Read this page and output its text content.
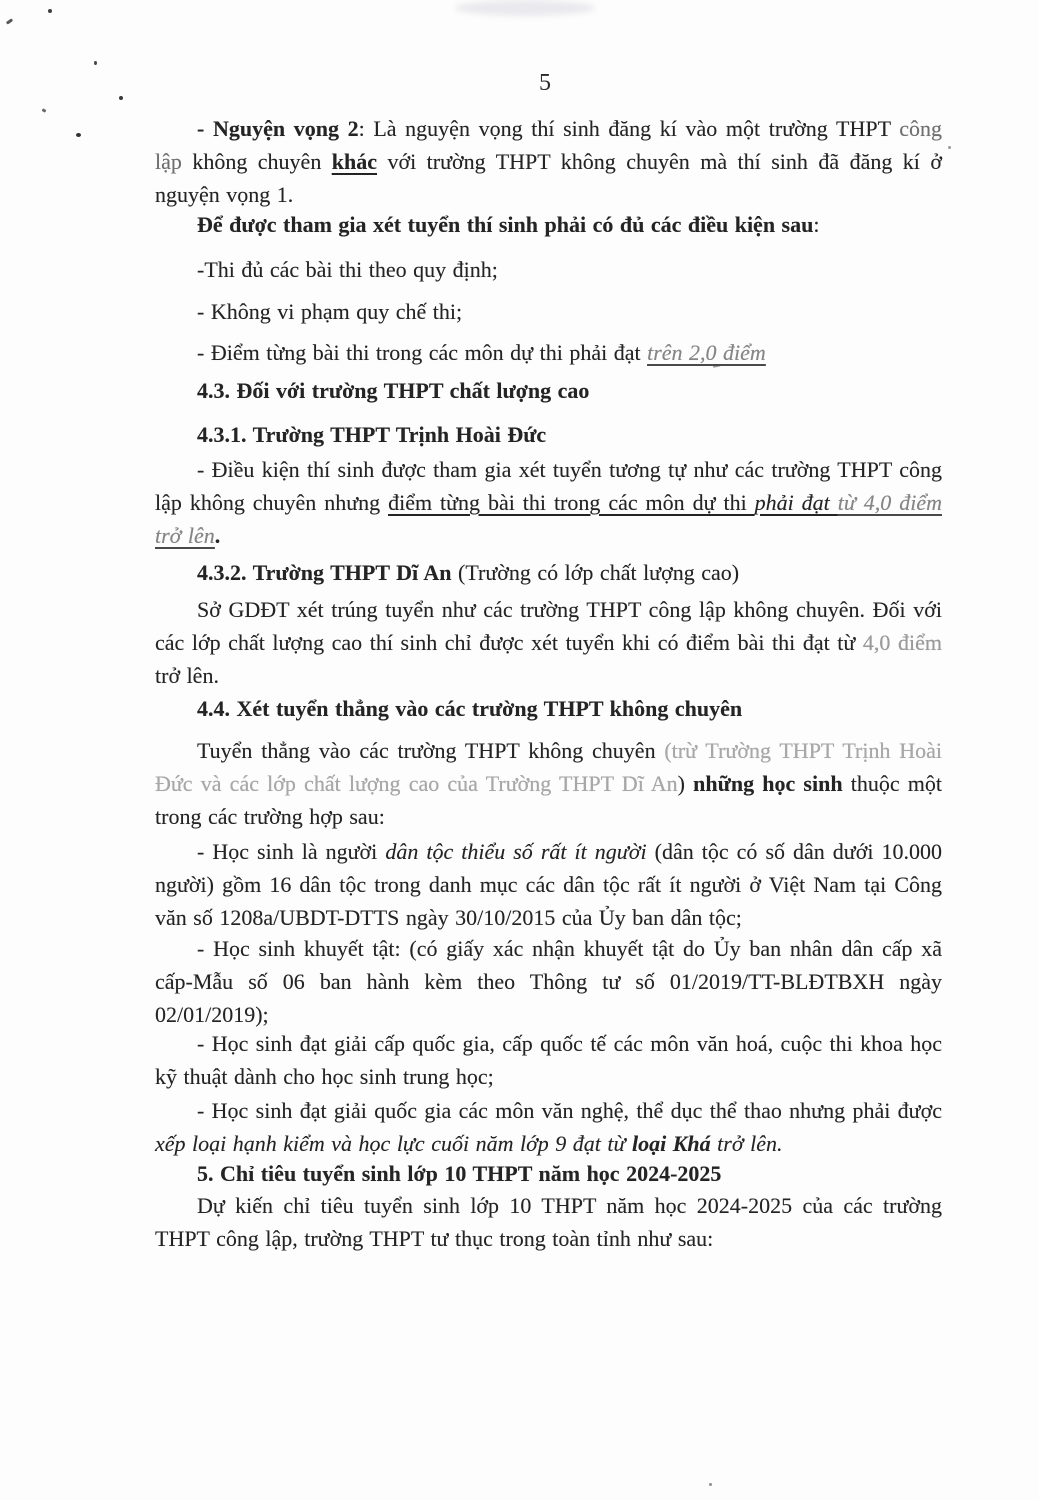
5

- Nguyện vọng 2: Là nguyện vọng thí sinh đăng kí vào một trường THPT công lập không chuyên khác với trường THPT không chuyên mà thí sinh đã đăng kí ở nguyện vọng 1.

Để được tham gia xét tuyển thí sinh phải có đủ các điều kiện sau:

-Thi đủ các bài thi theo quy định;

- Không vi phạm quy chế thi;

- Điểm từng bài thi trong các môn dự thi phải đạt trên 2,0 điểm

4.3. Đối với trường THPT chất lượng cao

4.3.1. Trường THPT Trịnh Hoài Đức

- Điều kiện thí sinh được tham gia xét tuyển tương tự như các trường THPT công lập không chuyên nhưng điểm từng bài thi trong các môn dự thi phải đạt từ 4,0 điểm trở lên.

4.3.2. Trường THPT Dĩ An (Trường có lớp chất lượng cao)

Sở GDĐT xét trúng tuyển như các trường THPT công lập không chuyên. Đối với các lớp chất lượng cao thí sinh chỉ được xét tuyển khi có điểm bài thi đạt từ 4,0 điểm trở lên.

4.4. Xét tuyển thẳng vào các trường THPT không chuyên

Tuyển thẳng vào các trường THPT không chuyên (trừ Trường THPT Trịnh Hoài Đức và các lớp chất lượng cao của Trường THPT Dĩ An) những học sinh thuộc một trong các trường hợp sau:

- Học sinh là người dân tộc thiểu số rất ít người (dân tộc có số dân dưới 10.000 người) gồm 16 dân tộc trong danh mục các dân tộc rất ít người ở Việt Nam tại Công văn số 1208a/UBDT-DTTS ngày 30/10/2015 của Ủy ban dân tộc;

- Học sinh khuyết tật: (có giấy xác nhận khuyết tật do Ủy ban nhân dân cấp xã cấp-Mẫu số 06 ban hành kèm theo Thông tư số 01/2019/TT-BLĐTBXH ngày 02/01/2019);

- Học sinh đạt giải cấp quốc gia, cấp quốc tế các môn văn hoá, cuộc thi khoa học kỹ thuật dành cho học sinh trung học;

- Học sinh đạt giải quốc gia các môn văn nghệ, thể dục thể thao nhưng phải được xếp loại hạnh kiểm và học lực cuối năm lớp 9 đạt từ loại Khá trở lên.

5. Chỉ tiêu tuyển sinh lớp 10 THPT năm học 2024-2025

Dự kiến chỉ tiêu tuyển sinh lớp 10 THPT năm học 2024-2025 của các trường THPT công lập, trường THPT tư thục trong toàn tỉnh như sau:
